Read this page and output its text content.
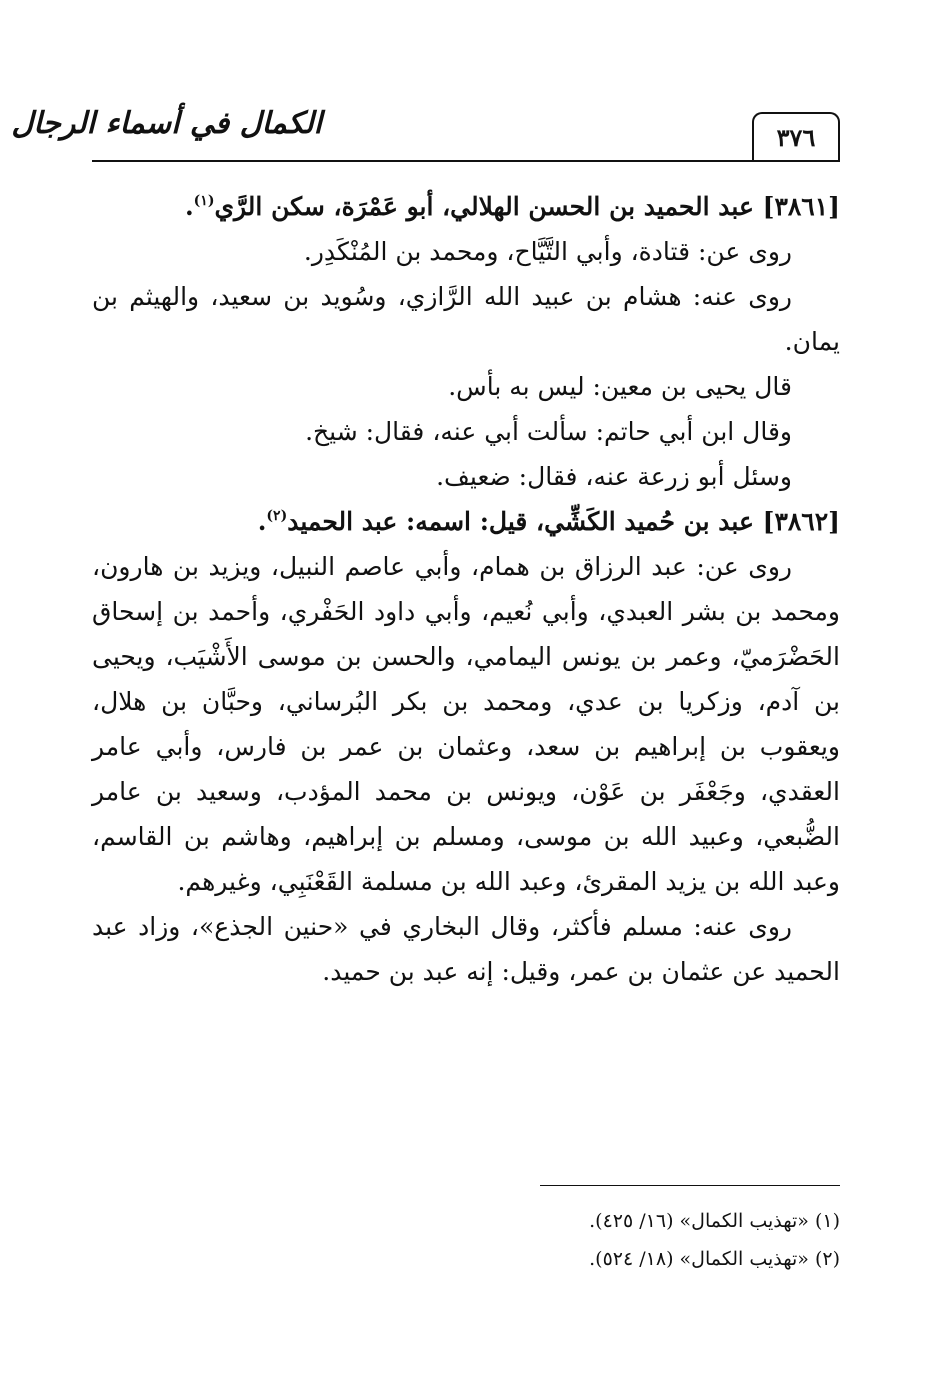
٣٧٦
الكمال في أسماء الرجال

[٣٨٦١] عبد الحميد بن الحسن الهلالي، أبو عَمْرَة، سكن الرَّي$^{(١)}$.

روى عن: قتادة، وأبي التَّيَّاح، ومحمد بن المُنْكَدِر.

روى عنه: هشام بن عبيد الله الرَّازي، وسُويد بن سعيد، والهيثم بن يمان.

قال يحيى بن معين: ليس به بأس.

وقال ابن أبي حاتم: سألت أبي عنه، فقال: شيخ.

وسئل أبو زرعة عنه، فقال: ضعيف.

[٣٨٦٢] عبد بن حُميد الكَشِّي، قيل: اسمه: عبد الحميد$^{(٢)}$.

روى عن: عبد الرزاق بن همام، وأبي عاصم النبيل، ويزيد بن هارون، ومحمد بن بشر العبدي، وأبي نُعيم، وأبي داود الحَفْري، وأحمد بن إسحاق الحَضْرَميّ، وعمر بن يونس اليمامي، والحسن بن موسى الأَشْيَب، ويحيى بن آدم، وزكريا بن عدي، ومحمد بن بكر البُرساني، وحبَّان بن هلال، ويعقوب بن إبراهيم بن سعد، وعثمان بن عمر بن فارس، وأبي عامر العقدي، وجَعْفَر بن عَوْن، ويونس بن محمد المؤدب، وسعيد بن عامر الضُّبعي، وعبيد الله بن موسى، ومسلم بن إبراهيم، وهاشم بن القاسم، وعبد الله بن يزيد المقرئ، وعبد الله بن مسلمة القَعْنَبِي، وغيرهم.

روى عنه: مسلم فأكثر، وقال البخاري في «حنين الجذع»، وزاد عبد الحميد عن عثمان بن عمر، وقيل: إنه عبد بن حميد.

(١) «تهذيب الكمال» (١٦/ ٤٢٥).

(٢) «تهذيب الكمال» (١٨/ ٥٢٤).
